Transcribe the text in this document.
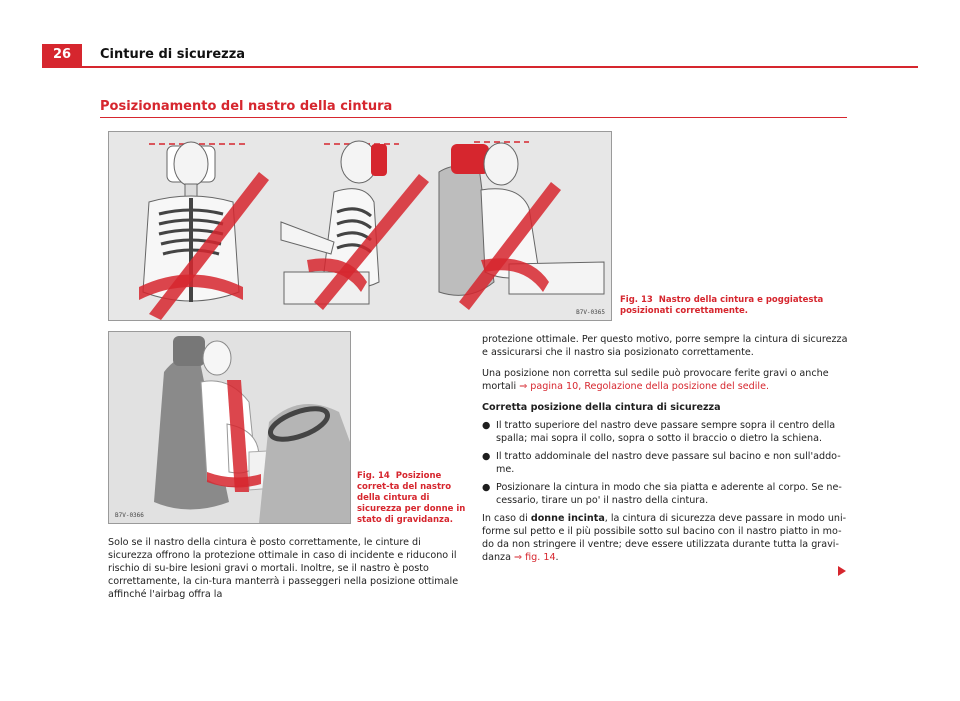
26	Cinture di sicurezza
Posizionamento del nastro della cintura
B7V-0365
Fig. 13 Nastro della cintura e poggiatesta posizionati correttamente.
B7V-0366
Fig. 14 Posizione corret-ta del nastro della cintura di sicurezza per donne in stato di gravidanza.
Solo se il nastro della cintura è posto correttamente, le cinture di sicurezza offrono la protezione ottimale in caso di incidente e riducono il rischio di su-bire lesioni gravi o mortali. Inoltre, se il nastro è posto correttamente, la cin-tura manterrà i passeggeri nella posizione ottimale affinché l'airbag offra la

protezione ottimale. Per questo motivo, porre sempre la cintura di sicurezza e assicurarsi che il nastro sia posizionato correttamente.

Una posizione non corretta sul sedile può provocare ferite gravi o anche mortali ⇒ pagina 10, Regolazione della posizione del sedile.

Corretta posizione della cintura di sicurezza

● Il tratto superiore del nastro deve passare sempre sopra il centro della spalla; mai sopra il collo, sopra o sotto il braccio o dietro la schiena.
● Il tratto addominale del nastro deve passare sul bacino e non sull'addo-me.
● Posizionare la cintura in modo che sia piatta e aderente al corpo. Se ne-cessario, tirare un po' il nastro della cintura.

In caso di donne incinta, la cintura di sicurezza deve passare in modo uni-forme sul petto e il più possibile sotto sul bacino con il nastro piatto in mo-do da non stringere il ventre; deve essere utilizzata durante tutta la gravi-danza ⇒ fig. 14.
